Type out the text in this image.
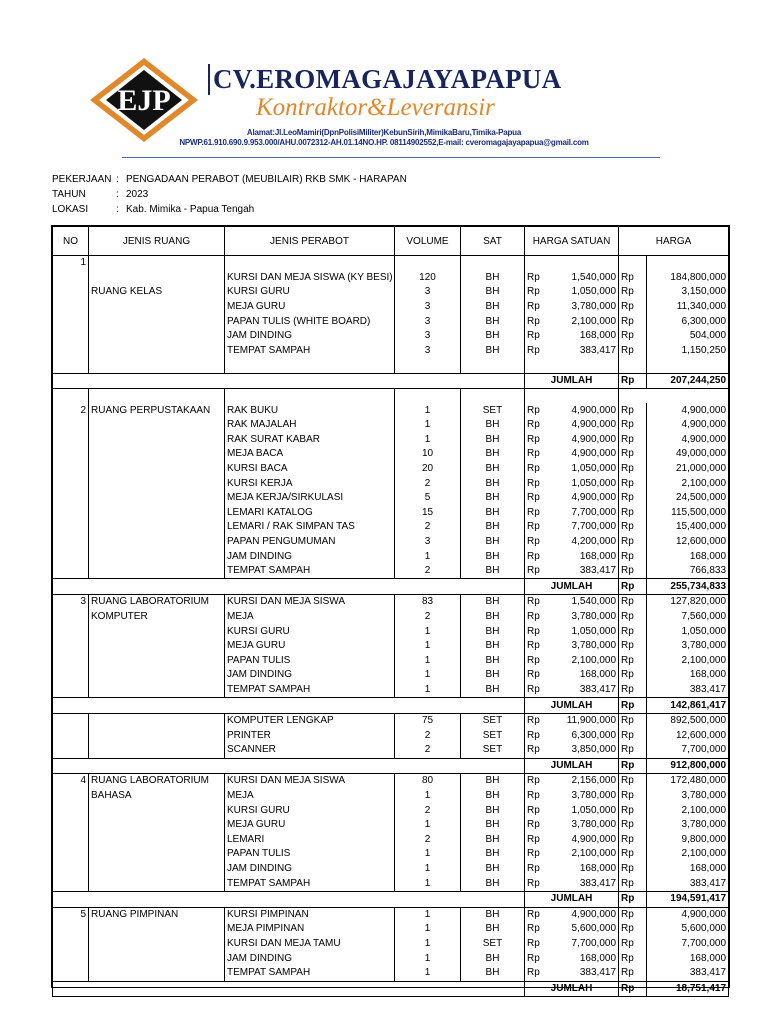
EJP
CV.EROMAGAJAYAPAPUA
Kontraktor&Leveransir
Alamat:Jl.LeoMamiri(DpnPolisiMiliter)KebunSirih,MimikaBaru,Timika-Papua
NPWP.61.910.690.9.953.000/AHU.0072312-AH.01.14NO.HP. 08114902552,E-mail: cveromagajayapapua@gmail.com
PEKERJAAN : PENGADAAN PERABOT (MEUBILAIR) RKB SMK - HARAPAN
TAHUN	: 2023
LOKASI	: Kab. Mimika - Papua Tengah
NO	JENIS RUANG	JENIS PERABOT	VOLUME	SAT	HARGA SATUAN		HARGA	
1								
		KURSI DAN MEJA SISWA (KY BESI)	120	BH	Rp	1,540,000	Rp	184,800,000
	RUANG KELAS	KURSI GURU	3	BH	Rp	1,050,000	Rp	3,150,000
		MEJA GURU	3	BH	Rp	3,780,000	Rp	11,340,000
		PAPAN TULIS (WHITE BOARD)	3	BH	Rp	2,100,000	Rp	6,300,000
		JAM DINDING	3	BH	Rp	168,000	Rp	504,000
		TEMPAT SAMPAH	3	BH	Rp	383,417	Rp	1,150,250

					JUMLAH		Rp	207,244,250

2	RUANG PERPUSTAKAAN	RAK BUKU	1	SET	Rp	4,900,000	Rp	4,900,000
		RAK MAJALAH	1	BH	Rp	4,900,000	Rp	4,900,000
		RAK SURAT KABAR	1	BH	Rp	4,900,000	Rp	4,900,000
		MEJA BACA	10	BH	Rp	4,900,000	Rp	49,000,000
		KURSI BACA	20	BH	Rp	1,050,000	Rp	21,000,000
		KURSI KERJA	2	BH	Rp	1,050,000	Rp	2,100,000
		MEJA KERJA/SIRKULASI	5	BH	Rp	4,900,000	Rp	24,500,000
		LEMARI KATALOG	15	BH	Rp	7,700,000	Rp	115,500,000
		LEMARI / RAK SIMPAN TAS	2	BH	Rp	7,700,000	Rp	15,400,000
		PAPAN PENGUMUMAN	3	BH	Rp	4,200,000	Rp	12,600,000
		JAM DINDING	1	BH	Rp	168,000	Rp	168,000
		TEMPAT SAMPAH	2	BH	Rp	383,417	Rp	766,833
					JUMLAH		Rp	255,734,833
3	RUANG LABORATORIUM	KURSI DAN MEJA SISWA	83	BH	Rp	1,540,000	Rp	127,820,000
	KOMPUTER	MEJA	2	BH	Rp	3,780,000	Rp	7,560,000
		KURSI GURU	1	BH	Rp	1,050,000	Rp	1,050,000
		MEJA GURU	1	BH	Rp	3,780,000	Rp	3,780,000
		PAPAN TULIS	1	BH	Rp	2,100,000	Rp	2,100,000
		JAM DINDING	1	BH	Rp	168,000	Rp	168,000
		TEMPAT SAMPAH	1	BH	Rp	383,417	Rp	383,417
					JUMLAH		Rp	142,861,417
		KOMPUTER LENGKAP	75	SET	Rp	11,900,000	Rp	892,500,000
		PRINTER	2	SET	Rp	6,300,000	Rp	12,600,000
		SCANNER	2	SET	Rp	3,850,000	Rp	7,700,000
					JUMLAH		Rp	912,800,000
4	RUANG LABORATORIUM	KURSI DAN MEJA SISWA	80	BH	Rp	2,156,000	Rp	172,480,000
	BAHASA	MEJA	1	BH	Rp	3,780,000	Rp	3,780,000
		KURSI GURU	2	BH	Rp	1,050,000	Rp	2,100,000
		MEJA GURU	1	BH	Rp	3,780,000	Rp	3,780,000
		LEMARI	2	BH	Rp	4,900,000	Rp	9,800,000
		PAPAN TULIS	1	BH	Rp	2,100,000	Rp	2,100,000
		JAM DINDING	1	BH	Rp	168,000	Rp	168,000
		TEMPAT SAMPAH	1	BH	Rp	383,417	Rp	383,417
					JUMLAH		Rp	194,591,417
5	RUANG PIMPINAN	KURSI PIMPINAN	1	BH	Rp	4,900,000	Rp	4,900,000
		MEJA PIMPINAN	1	BH	Rp	5,600,000	Rp	5,600,000
		KURSI DAN MEJA TAMU	1	SET	Rp	7,700,000	Rp	7,700,000
		JAM DINDING	1	BH	Rp	168,000	Rp	168,000
		TEMPAT SAMPAH	1	BH	Rp	383,417	Rp	383,417
					JUMLAH		Rp	18,751,417
